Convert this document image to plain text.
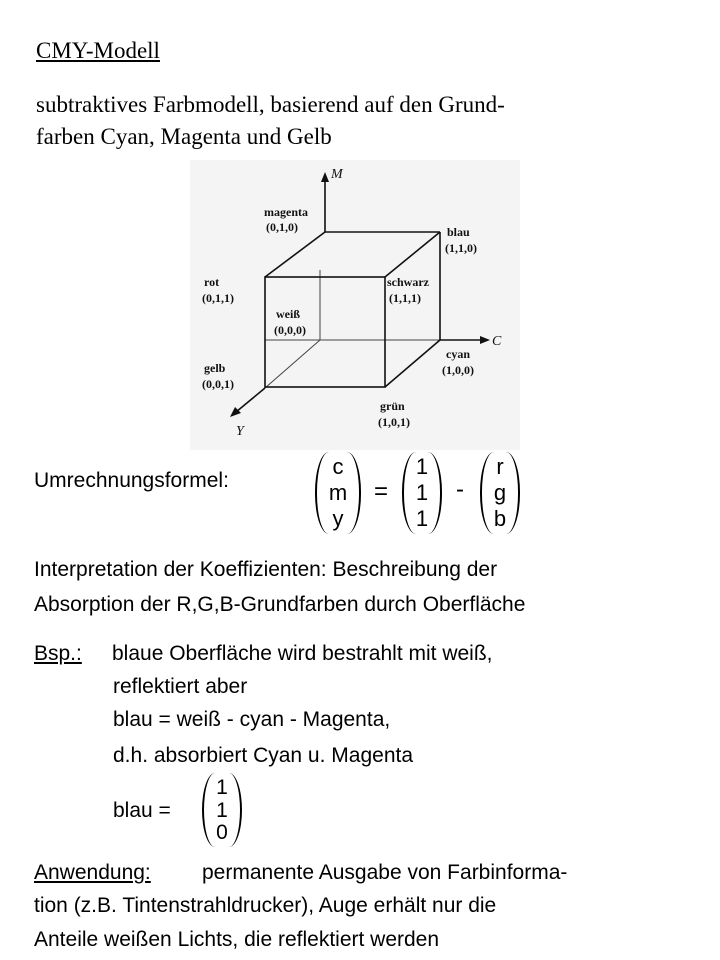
CMY-Modell
subtraktives Farbmodell, basierend auf den Grund-
farben Cyan, Magenta und Gelb
M
C
Y
magenta
(0,1,0)	blau
(1,1,0)
rot
(0,1,1)
schwarz
(1,1,1)
weiß
(0,0,0)
cyan
(1,0,0)
gelb
(0,0,1)
grün
(1,0,1)
Umrechnungsformel:
c
m
y
=
1
1
1
-
r
g
b
Interpretation der Koeffizienten: Beschreibung der
Absorption der R,G,B-Grundfarben durch Oberfläche
Bsp.: blaue Oberfläche wird bestrahlt mit weiß,
reflektiert aber
blau = weiß - cyan - Magenta,
d.h. absorbiert Cyan u. Magenta
blau =
1
1
0
Anwendung: permanente Ausgabe von Farbinforma-
tion (z.B. Tintenstrahldrucker), Auge erhält nur die
Anteile weißen Lichts, die reflektiert werden
